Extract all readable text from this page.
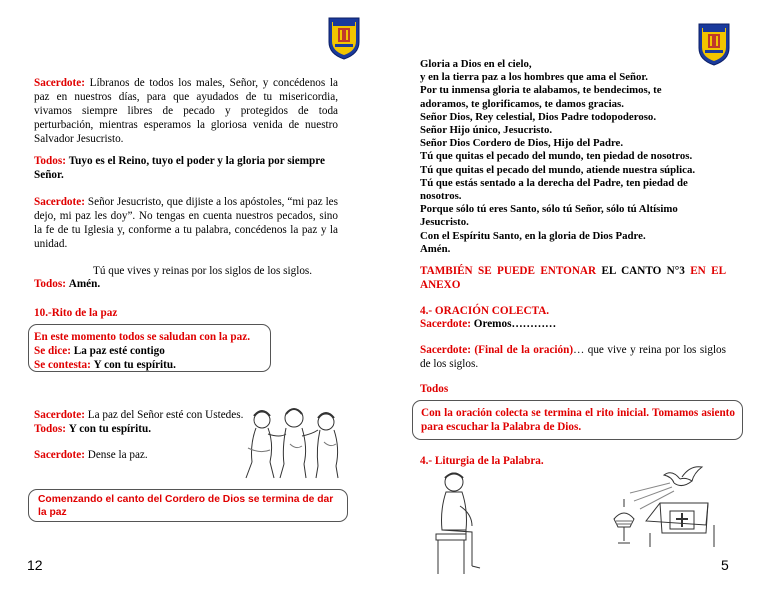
Sacerdote: Líbranos de todos los males, Señor, y concédenos la paz en nuestros días, para que ayudados de tu misericordia, vivamos siempre libres de pecado y protegidos de toda perturbación, mientras esperamos la gloriosa venida de nuestro Salvador Jesucristo.
Todos: Tuyo es el Reino, tuyo el poder y la gloria por siempre Señor.
Sacerdote: Señor Jesucristo, que dijiste a los apóstoles, “mi paz les dejo, mi paz les doy”. No tengas en cuenta nuestros pecados, sino la fe de tu Iglesia y, conforme a tu palabra, concédenos la paz y la unidad.
Tú que vives y reinas por los siglos de los siglos.
Todos: Amén.
10.-Rito de la paz
En este momento todos se saludan con la paz.
Se dice: La paz esté contigo
Se contesta: Y con tu espíritu.
Sacerdote: La paz del Señor esté con Ustedes.
Todos: Y con tu espíritu.
Sacerdote: Dense la paz.
Comenzando el canto del Cordero de Dios se termina de dar la paz
12
Gloria a Dios en el cielo,
y en la tierra paz a los hombres que ama el Señor.
Por tu inmensa gloria te alabamos, te bendecimos, te
adoramos, te glorificamos, te damos gracias.
Señor Dios, Rey celestial, Dios Padre todopoderoso.
Señor Hijo único, Jesucristo.
Señor Dios Cordero de Dios, Hijo del Padre.
Tú que quitas el pecado del mundo, ten piedad de nosotros.
Tú que quitas el pecado del mundo, atiende nuestra súplica.
Tú que estás sentado a la derecha del Padre, ten piedad de
nosotros.
Porque sólo tú eres Santo, sólo tú Señor, sólo tú Altísimo
Jesucristo.
Con el Espíritu Santo, en la gloria de Dios Padre.
Amén.
TAMBIÉN SE PUEDE ENTONAR EL CANTO N°3 EN EL ANEXO
4.- ORACIÓN COLECTA.
Sacerdote: Oremos…………
Sacerdote: (Final de la oración)… que vive y reina por los siglos de los siglos.
Todos
Con la oración colecta se termina el rito inicial. Tomamos asiento para escuchar la Palabra de Dios.
4.- Liturgia de la Palabra.
5
